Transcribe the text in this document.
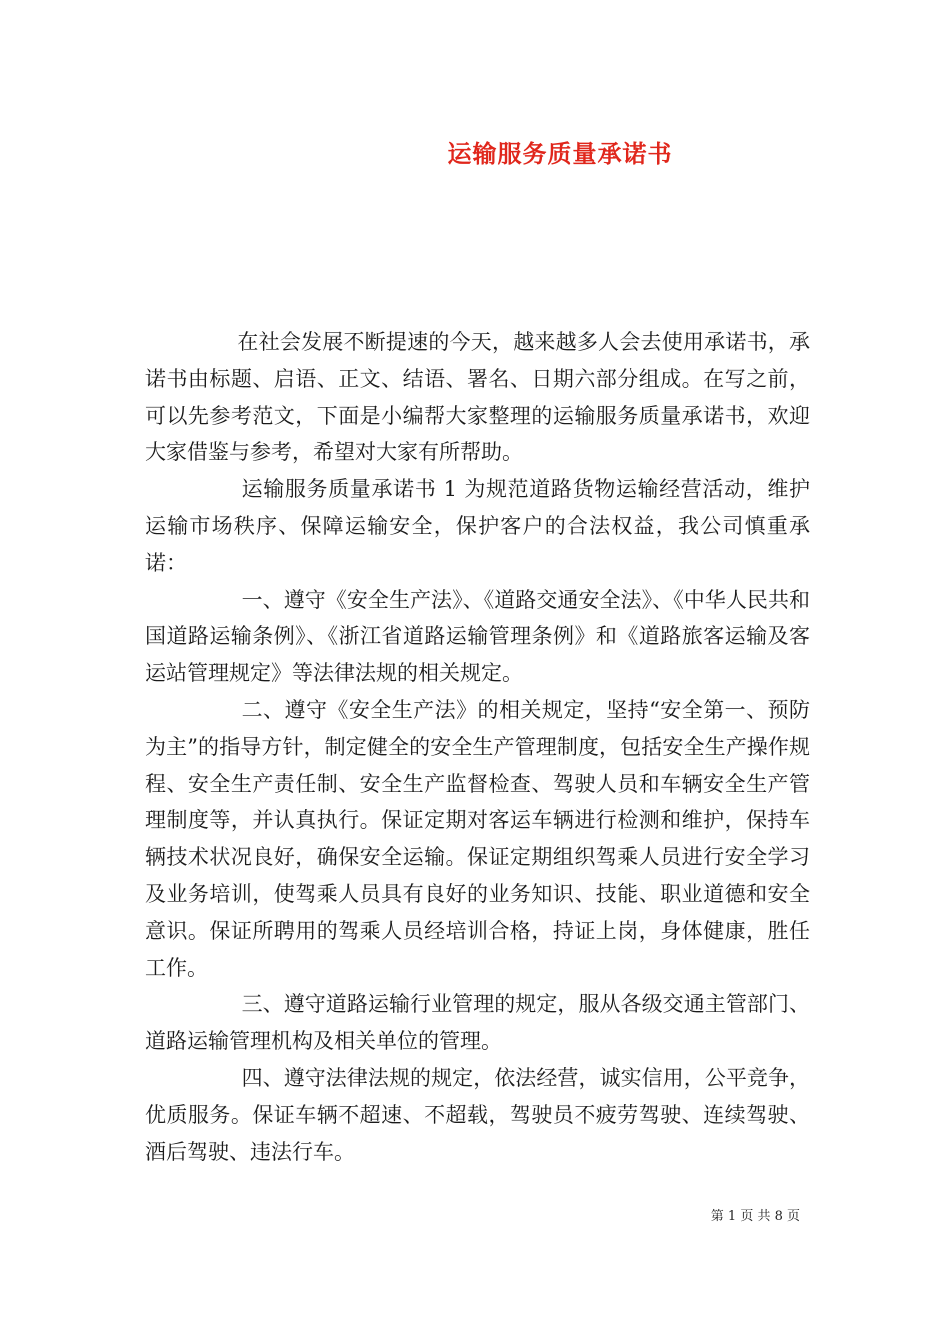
运输服务质量承诺书

在社会发展不断提速的今天，越来越多人会去使用承诺书，承诺书由标题、启语、正文、结语、署名、日期六部分组成。在写之前，可以先参考范文，下面是小编帮大家整理的运输服务质量承诺书，欢迎大家借鉴与参考，希望对大家有所帮助。

运输服务质量承诺书 1 为规范道路货物运输经营活动，维护运输市场秩序、保障运输安全，保护客户的合法权益，我公司慎重承诺：

一、遵守《安全生产法》、《道路交通安全法》、《中华人民共和国道路运输条例》、《浙江省道路运输管理条例》和《道路旅客运输及客运站管理规定》等法律法规的相关规定。

二、遵守《安全生产法》的相关规定，坚持“安全第一、预防为主”的指导方针，制定健全的安全生产管理制度，包括安全生产操作规程、安全生产责任制、安全生产监督检查、驾驶人员和车辆安全生产管理制度等，并认真执行。保证定期对客运车辆进行检测和维护，保持车辆技术状况良好，确保安全运输。保证定期组织驾乘人员进行安全学习及业务培训，使驾乘人员具有良好的业务知识、技能、职业道德和安全意识。保证所聘用的驾乘人员经培训合格，持证上岗，身体健康，胜任工作。

三、遵守道路运输行业管理的规定，服从各级交通主管部门、道路运输管理机构及相关单位的管理。

四、遵守法律法规的规定，依法经营，诚实信用，公平竞争，优质服务。保证车辆不超速、不超载，驾驶员不疲劳驾驶、连续驾驶、酒后驾驶、违法行车。

第 1 页 共 8 页
